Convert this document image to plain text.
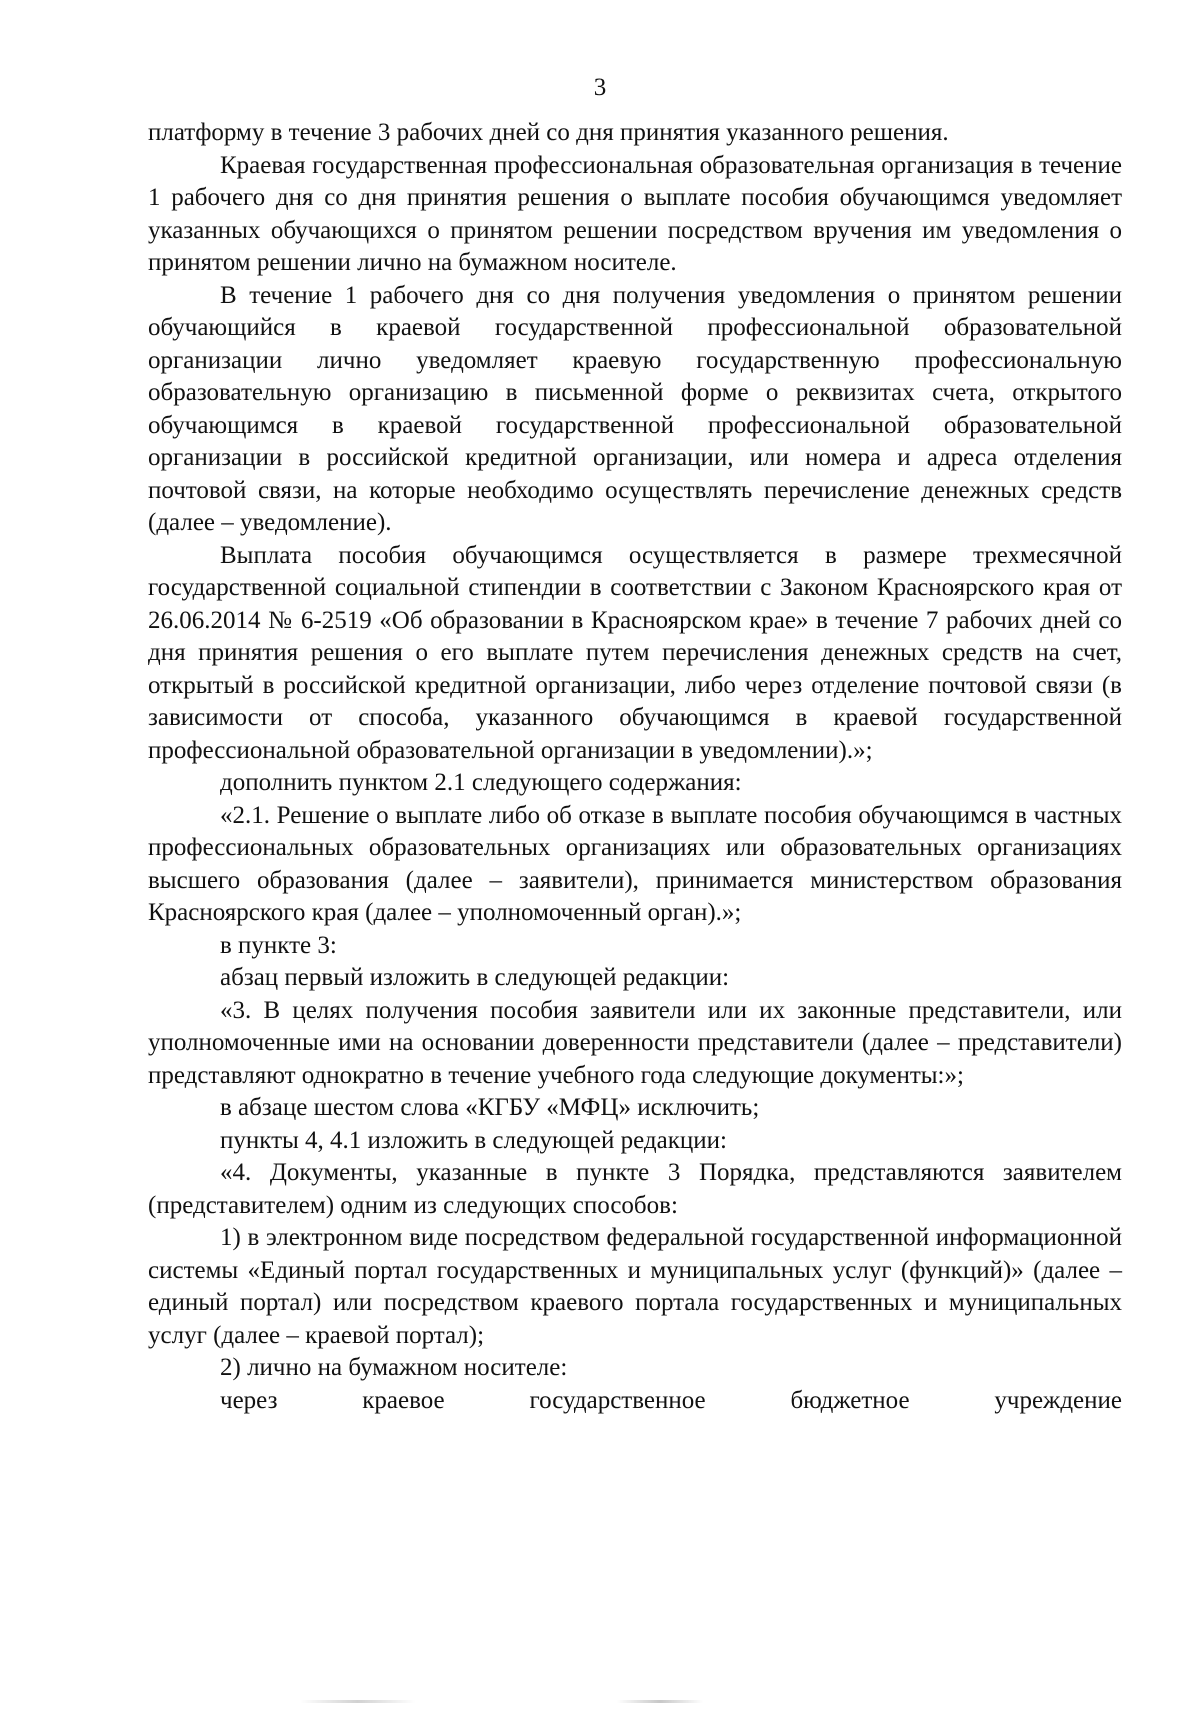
3

платформу в течение 3 рабочих дней со дня принятия указанного решения.

Краевая государственная профессиональная образовательная организация в течение 1 рабочего дня со дня принятия решения о выплате пособия обучающимся уведомляет указанных обучающихся о принятом решении посредством вручения им уведомления о принятом решении лично на бумажном носителе.

В течение 1 рабочего дня со дня получения уведомления о принятом решении обучающийся в краевой государственной профессиональной образовательной организации лично уведомляет краевую государственную профессиональную образовательную организацию в письменной форме о реквизитах счета, открытого обучающимся в краевой государственной профессиональной образовательной организации в российской кредитной организации, или номера и адреса отделения почтовой связи, на которые необходимо осуществлять перечисление денежных средств (далее – уведомление).

Выплата пособия обучающимся осуществляется в размере трехмесячной государственной социальной стипендии в соответствии с Законом Красноярского края от 26.06.2014 № 6-2519 «Об образовании в Красноярском крае» в течение 7 рабочих дней со дня принятия решения о его выплате путем перечисления денежных средств на счет, открытый в российской кредитной организации, либо через отделение почтовой связи (в зависимости от способа, указанного обучающимся в краевой государственной профессиональной образовательной организации в уведомлении).»;

дополнить пунктом 2.1 следующего содержания:

«2.1. Решение о выплате либо об отказе в выплате пособия обучающимся в частных профессиональных образовательных организациях или образовательных организациях высшего образования (далее – заявители), принимается министерством образования Красноярского края (далее – уполномоченный орган).»;

в пункте 3:

абзац первый изложить в следующей редакции:

«3. В целях получения пособия заявители или их законные представители, или уполномоченные ими на основании доверенности представители (далее – представители) представляют однократно в течение учебного года следующие документы:»;

в абзаце шестом слова «КГБУ «МФЦ» исключить;

пункты 4, 4.1 изложить в следующей редакции:

«4. Документы, указанные в пункте 3 Порядка, представляются заявителем (представителем) одним из следующих способов:

1) в электронном виде посредством федеральной государственной информационной системы «Единый портал государственных и муниципальных услуг (функций)» (далее – единый портал) или посредством краевого портала государственных и муниципальных услуг (далее – краевой портал);

2) лично на бумажном носителе:

через краевое государственное бюджетное учреждение
